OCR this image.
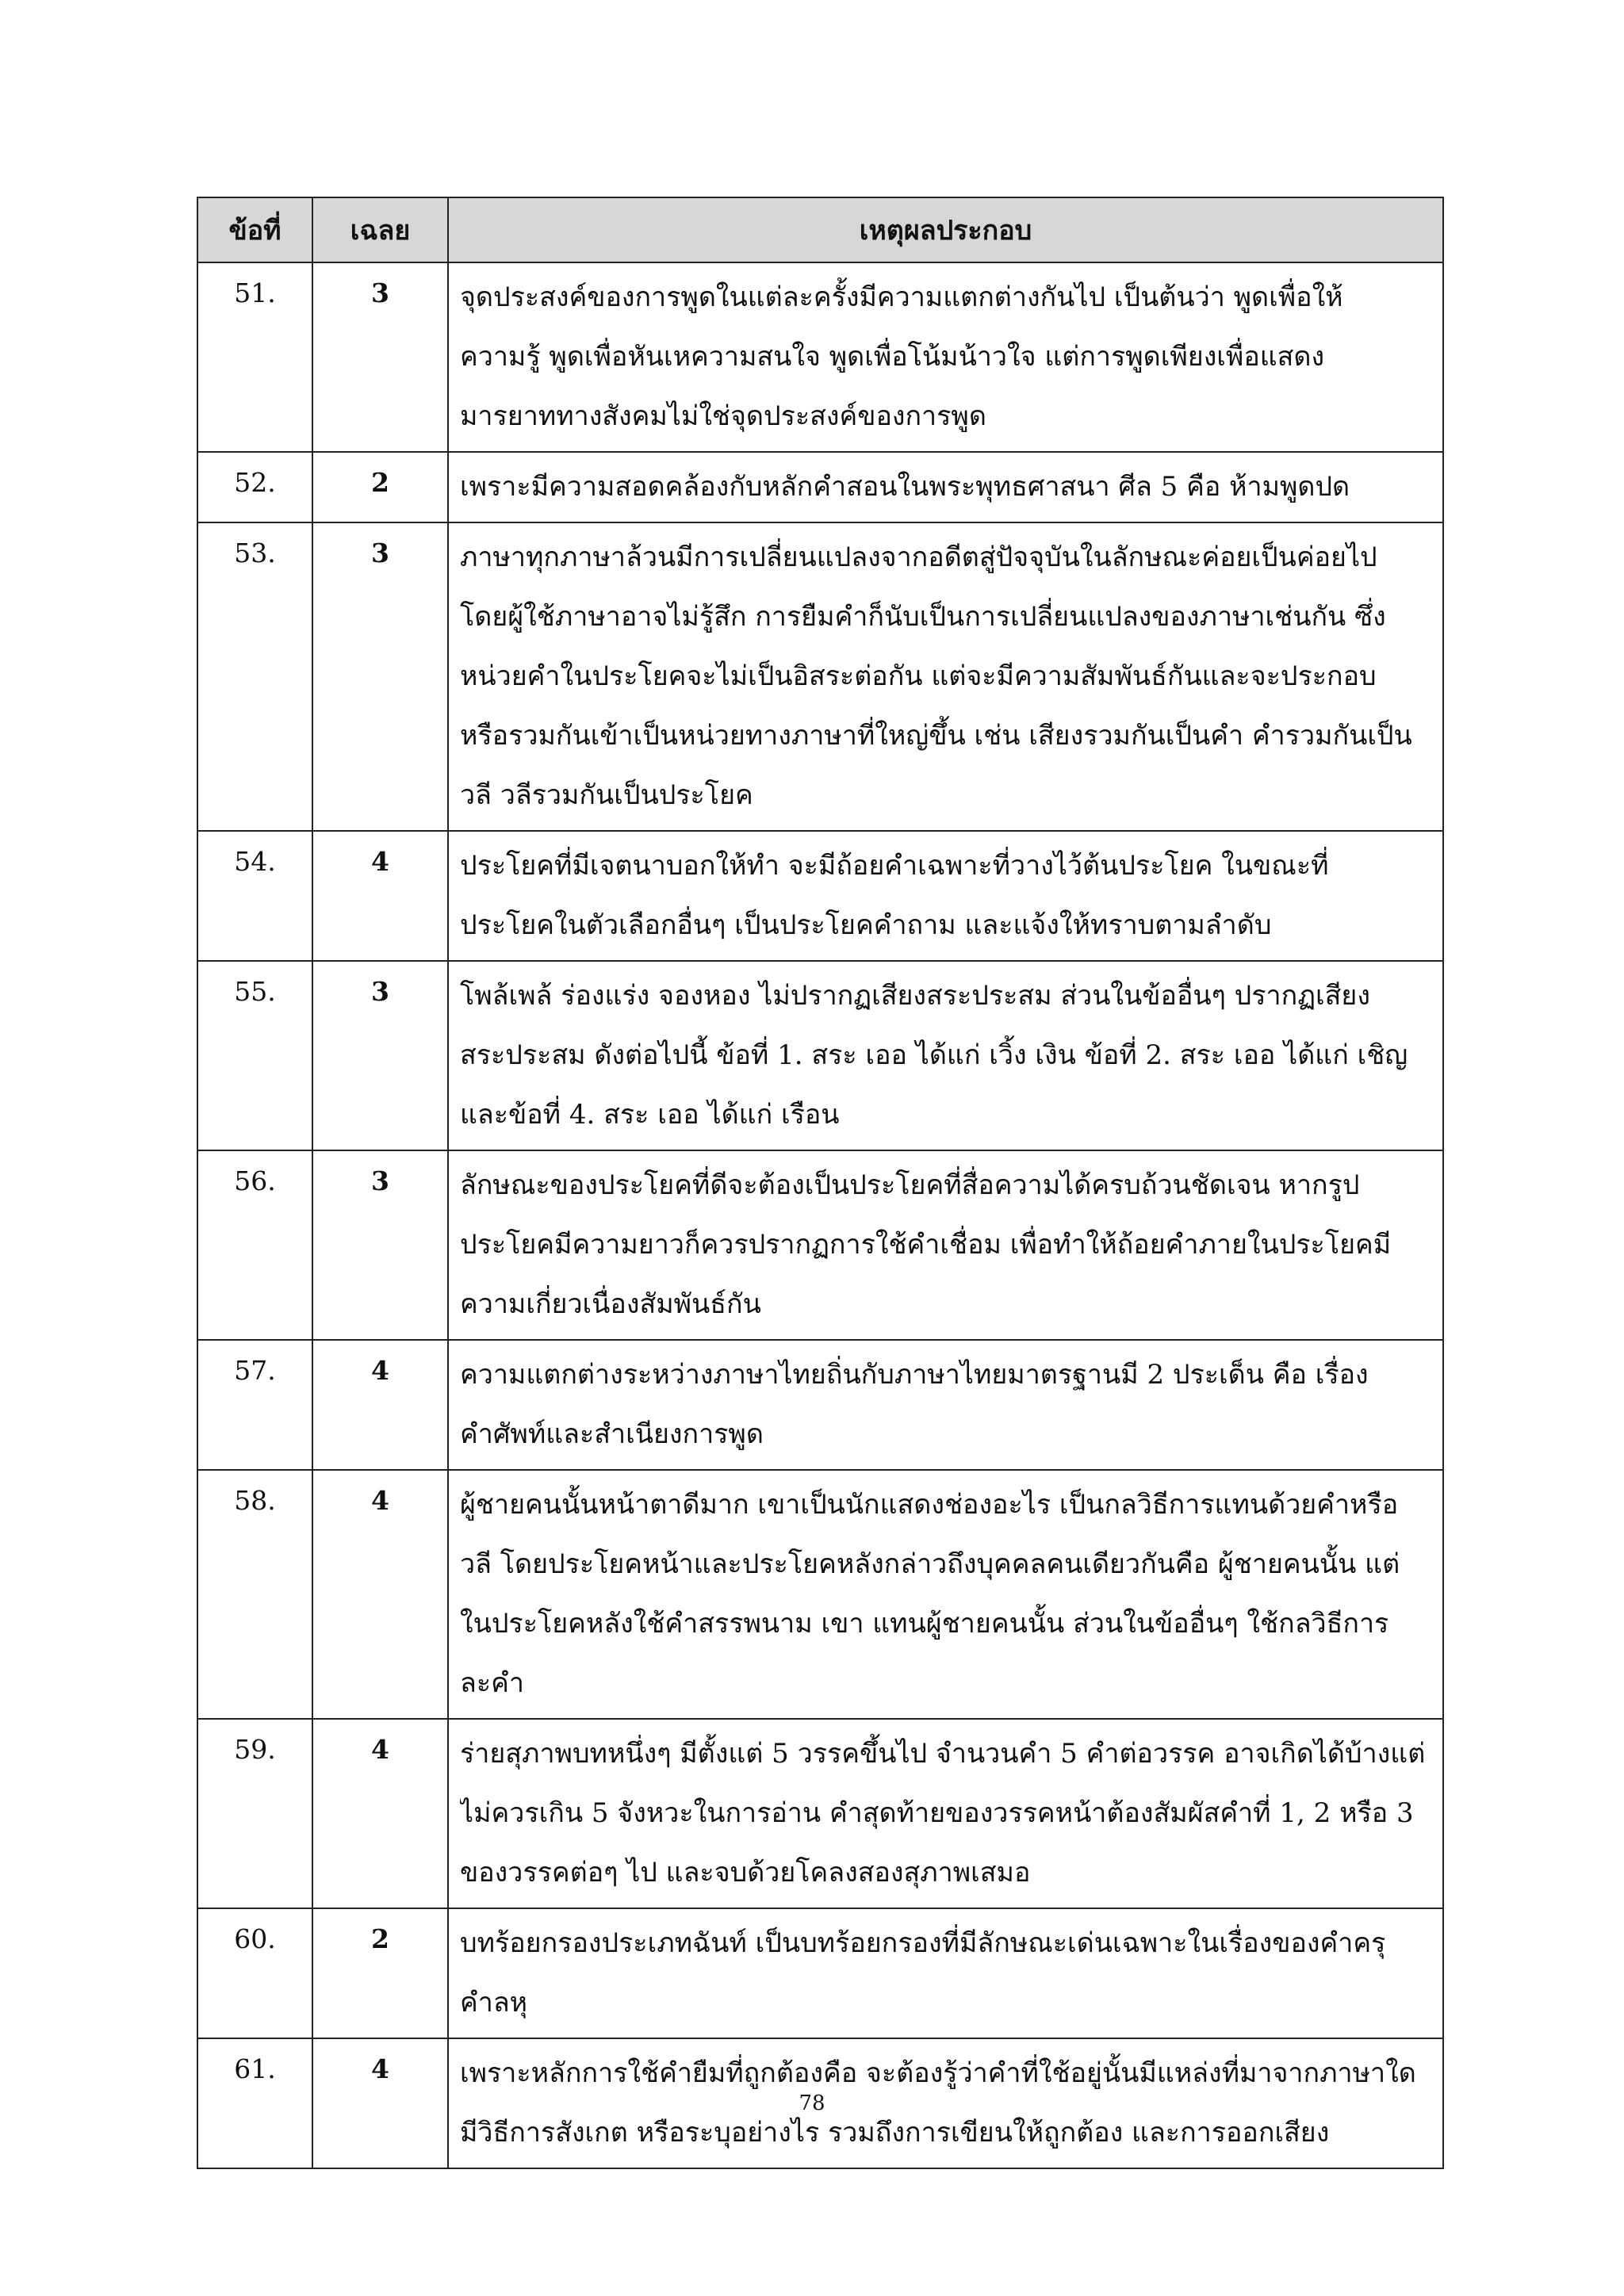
ข้อที่	เฉลย	เหตุผลประกอบ
51.	3	จุดประสงค์ของการพูดในแต่ละครั้งมีความแตกต่างกันไป เป็นต้นว่า พูดเพื่อให้
ความรู้ พูดเพื่อหันเหความสนใจ พูดเพื่อโน้มน้าวใจ แต่การพูดเพียงเพื่อแสดง
มารยาททางสังคมไม่ใช่จุดประสงค์ของการพูด

52.	2	เพราะมีความสอดคล้องกับหลักคำสอนในพระพุทธศาสนา ศีล 5 คือ ห้ามพูดปด

53.	3	ภาษาทุกภาษาล้วนมีการเปลี่ยนแปลงจากอดีตสู่ปัจจุบันในลักษณะค่อยเป็นค่อยไป
โดยผู้ใช้ภาษาอาจไม่รู้สึก การยืมคำก็นับเป็นการเปลี่ยนแปลงของภาษาเช่นกัน ซึ่ง
หน่วยคำในประโยคจะไม่เป็นอิสระต่อกัน แต่จะมีความสัมพันธ์กันและจะประกอบ
หรือรวมกันเข้าเป็นหน่วยทางภาษาที่ใหญ่ขึ้น เช่น เสียงรวมกันเป็นคำ คำรวมกันเป็น
วลี วลีรวมกันเป็นประโยค

54.	4	ประโยคที่มีเจตนาบอกให้ทำ จะมีถ้อยคำเฉพาะที่วางไว้ต้นประโยค ในขณะที่
ประโยคในตัวเลือกอื่นๆ เป็นประโยคคำถาม และแจ้งให้ทราบตามลำดับ

55.	3	โพล้เพล้ ร่องแร่ง จองหอง ไม่ปรากฏเสียงสระประสม ส่วนในข้ออื่นๆ ปรากฏเสียง
สระประสม ดังต่อไปนี้ ข้อที่ 1. สระ เออ ได้แก่ เวิ้ง เงิน ข้อที่ 2. สระ เออ ได้แก่ เชิญ
และข้อที่ 4. สระ เออ ได้แก่ เรือน

56.	3	ลักษณะของประโยคที่ดีจะต้องเป็นประโยคที่สื่อความได้ครบถ้วนชัดเจน หากรูป
ประโยคมีความยาวก็ควรปรากฏการใช้คำเชื่อม เพื่อทำให้ถ้อยคำภายในประโยคมี
ความเกี่ยวเนื่องสัมพันธ์กัน

57.	4	ความแตกต่างระหว่างภาษาไทยถิ่นกับภาษาไทยมาตรฐานมี 2 ประเด็น คือ เรื่อง
คำศัพท์และสำเนียงการพูด

58.	4	ผู้ชายคนนั้นหน้าตาดีมาก เขาเป็นนักแสดงช่องอะไร เป็นกลวิธีการแทนด้วยคำหรือ
วลี โดยประโยคหน้าและประโยคหลังกล่าวถึงบุคคลคนเดียวกันคือ ผู้ชายคนนั้น แต่
ในประโยคหลังใช้คำสรรพนาม เขา แทนผู้ชายคนนั้น ส่วนในข้ออื่นๆ ใช้กลวิธีการ
ละคำ

59.	4	ร่ายสุภาพบทหนึ่งๆ มีตั้งแต่ 5 วรรคขึ้นไป จำนวนคำ 5 คำต่อวรรค อาจเกิดได้บ้างแต่
ไม่ควรเกิน 5 จังหวะในการอ่าน คำสุดท้ายของวรรคหน้าต้องสัมผัสคำที่ 1, 2 หรือ 3
ของวรรคต่อๆ ไป และจบด้วยโคลงสองสุภาพเสมอ

60.	2	บทร้อยกรองประเภทฉันท์ เป็นบทร้อยกรองที่มีลักษณะเด่นเฉพาะในเรื่องของคำครุ
คำลหุ

61.	4	เพราะหลักการใช้คำยืมที่ถูกต้องคือ จะต้องรู้ว่าคำที่ใช้อยู่นั้นมีแหล่งที่มาจากภาษาใด
มีวิธีการสังเกต หรือระบุอย่างไร รวมถึงการเขียนให้ถูกต้อง และการออกเสียง
78
